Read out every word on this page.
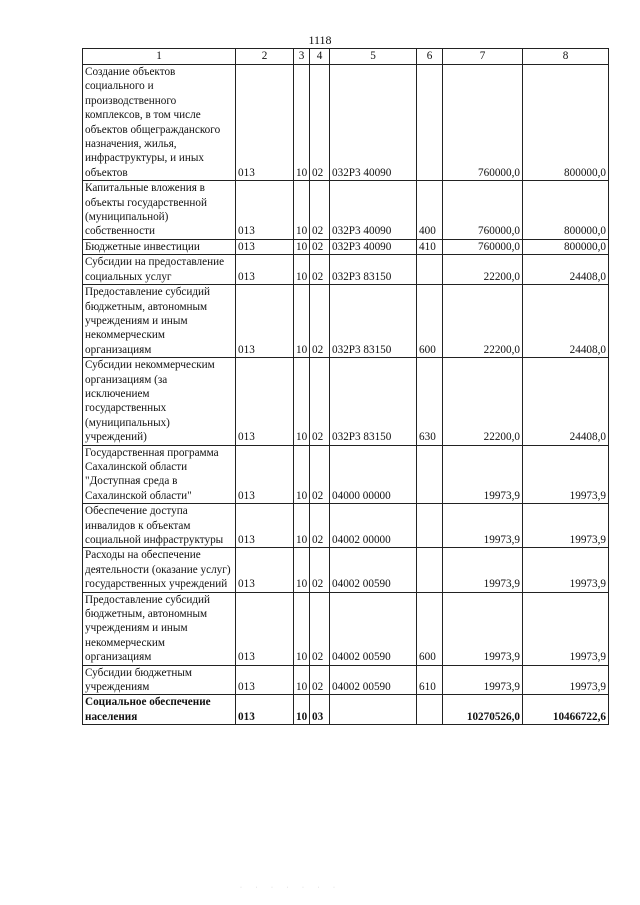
1118
1	2	3	4	5	6	7	8
Создание объектов социального и производственного комплексов, в том числе объектов общегражданского назначения, жилья, инфраструктуры, и иных объектов	013	10	02	032Р3 40090		760000,0	800000,0
Капитальные вложения в объекты государственной (муниципальной) собственности	013	10	02	032Р3 40090	400	760000,0	800000,0
Бюджетные инвестиции	013	10	02	032Р3 40090	410	760000,0	800000,0
Субсидии на предоставление социальных услуг	013	10	02	032Р3 83150		22200,0	24408,0
Предоставление субсидий бюджетным, автономным учреждениям и иным некоммерческим организациям	013	10	02	032Р3 83150	600	22200,0	24408,0
Субсидии некоммерческим организациям (за исключением государственных (муниципальных) учреждений)	013	10	02	032Р3 83150	630	22200,0	24408,0
Государственная программа Сахалинской области "Доступная среда в Сахалинской области"	013	10	02	04000 00000		19973,9	19973,9
Обеспечение доступа инвалидов к объектам социальной инфраструктуры	013	10	02	04002 00000		19973,9	19973,9
Расходы на обеспечение деятельности (оказание услуг) государственных учреждений	013	10	02	04002 00590		19973,9	19973,9
Предоставление субсидий бюджетным, автономным учреждениям и иным некоммерческим организациям	013	10	02	04002 00590	600	19973,9	19973,9
Субсидии бюджетным учреждениям	013	10	02	04002 00590	610	19973,9	19973,9
Социальное обеспечение населения	013	10	03			10270526,0	10466722,6
· · · · · · ·
